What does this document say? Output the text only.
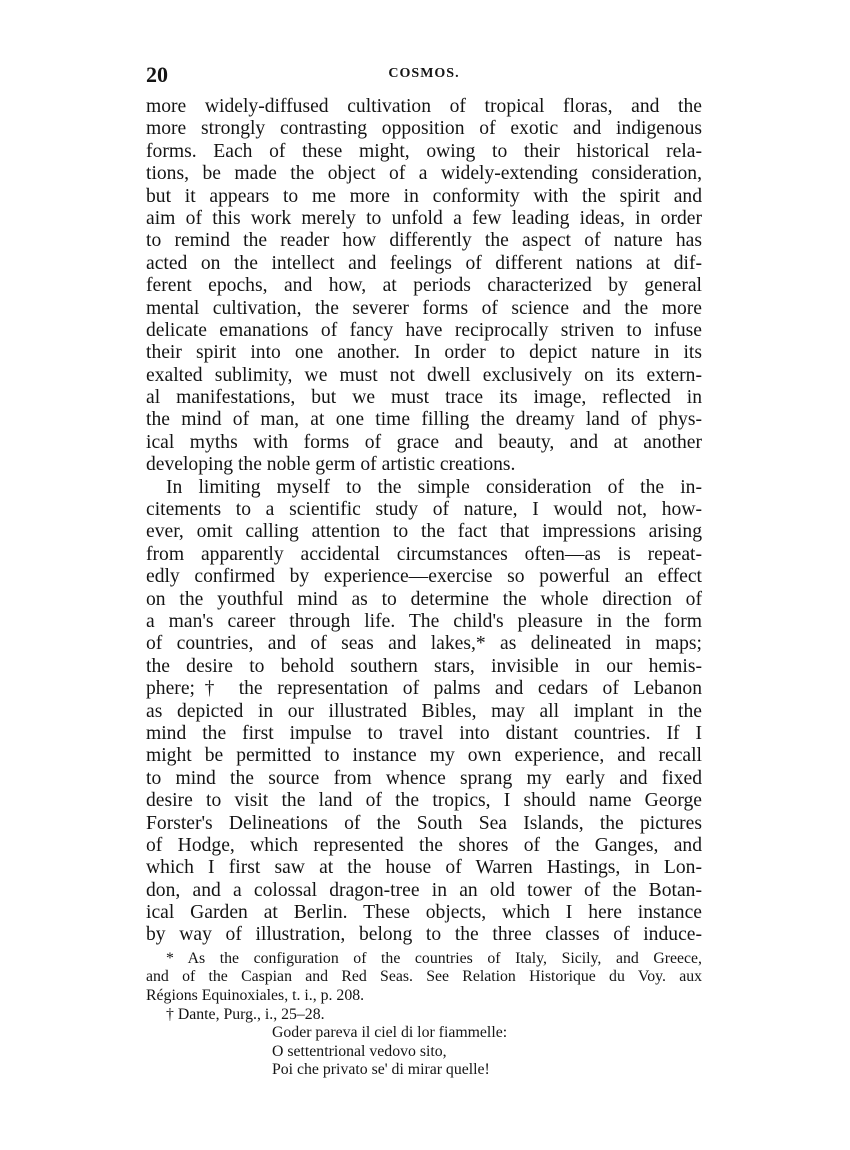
20	COSMOS.
more widely-diffused cultivation of tropical floras, and the
more strongly contrasting opposition of exotic and indigenous
forms. Each of these might, owing to their historical rela-
tions, be made the object of a widely-extending consideration,
but it appears to me more in conformity with the spirit and
aim of this work merely to unfold a few leading ideas, in order
to remind the reader how differently the aspect of nature has
acted on the intellect and feelings of different nations at dif-
ferent epochs, and how, at periods characterized by general
mental cultivation, the severer forms of science and the more
delicate emanations of fancy have reciprocally striven to infuse
their spirit into one another. In order to depict nature in its
exalted sublimity, we must not dwell exclusively on its extern-
al manifestations, but we must trace its image, reflected in
the mind of man, at one time filling the dreamy land of phys-
ical myths with forms of grace and beauty, and at another
developing the noble germ of artistic creations.
In limiting myself to the simple consideration of the in-
citements to a scientific study of nature, I would not, how-
ever, omit calling attention to the fact that impressions arising
from apparently accidental circumstances often—as is repeat-
edly confirmed by experience—exercise so powerful an effect
on the youthful mind as to determine the whole direction of
a man's career through life. The child's pleasure in the form
of countries, and of seas and lakes,* as delineated in maps;
the desire to behold southern stars, invisible in our hemis-
phere;† the representation of palms and cedars of Lebanon
as depicted in our illustrated Bibles, may all implant in the
mind the first impulse to travel into distant countries. If I
might be permitted to instance my own experience, and recall
to mind the source from whence sprang my early and fixed
desire to visit the land of the tropics, I should name George
Forster's Delineations of the South Sea Islands, the pictures
of Hodge, which represented the shores of the Ganges, and
which I first saw at the house of Warren Hastings, in Lon-
don, and a colossal dragon-tree in an old tower of the Botan-
ical Garden at Berlin. These objects, which I here instance
by way of illustration, belong to the three classes of induce-
* As the configuration of the countries of Italy, Sicily, and Greece,
and of the Caspian and Red Seas. See Relation Historique du Voy. aux
Régions Equinoxiales, t. i., p. 208.
† Dante, Purg., i., 25–28.
Goder pareva il ciel di lor fiammelle:
O settentrional vedovo sito,
Poi che privato se' di mirar quelle!
